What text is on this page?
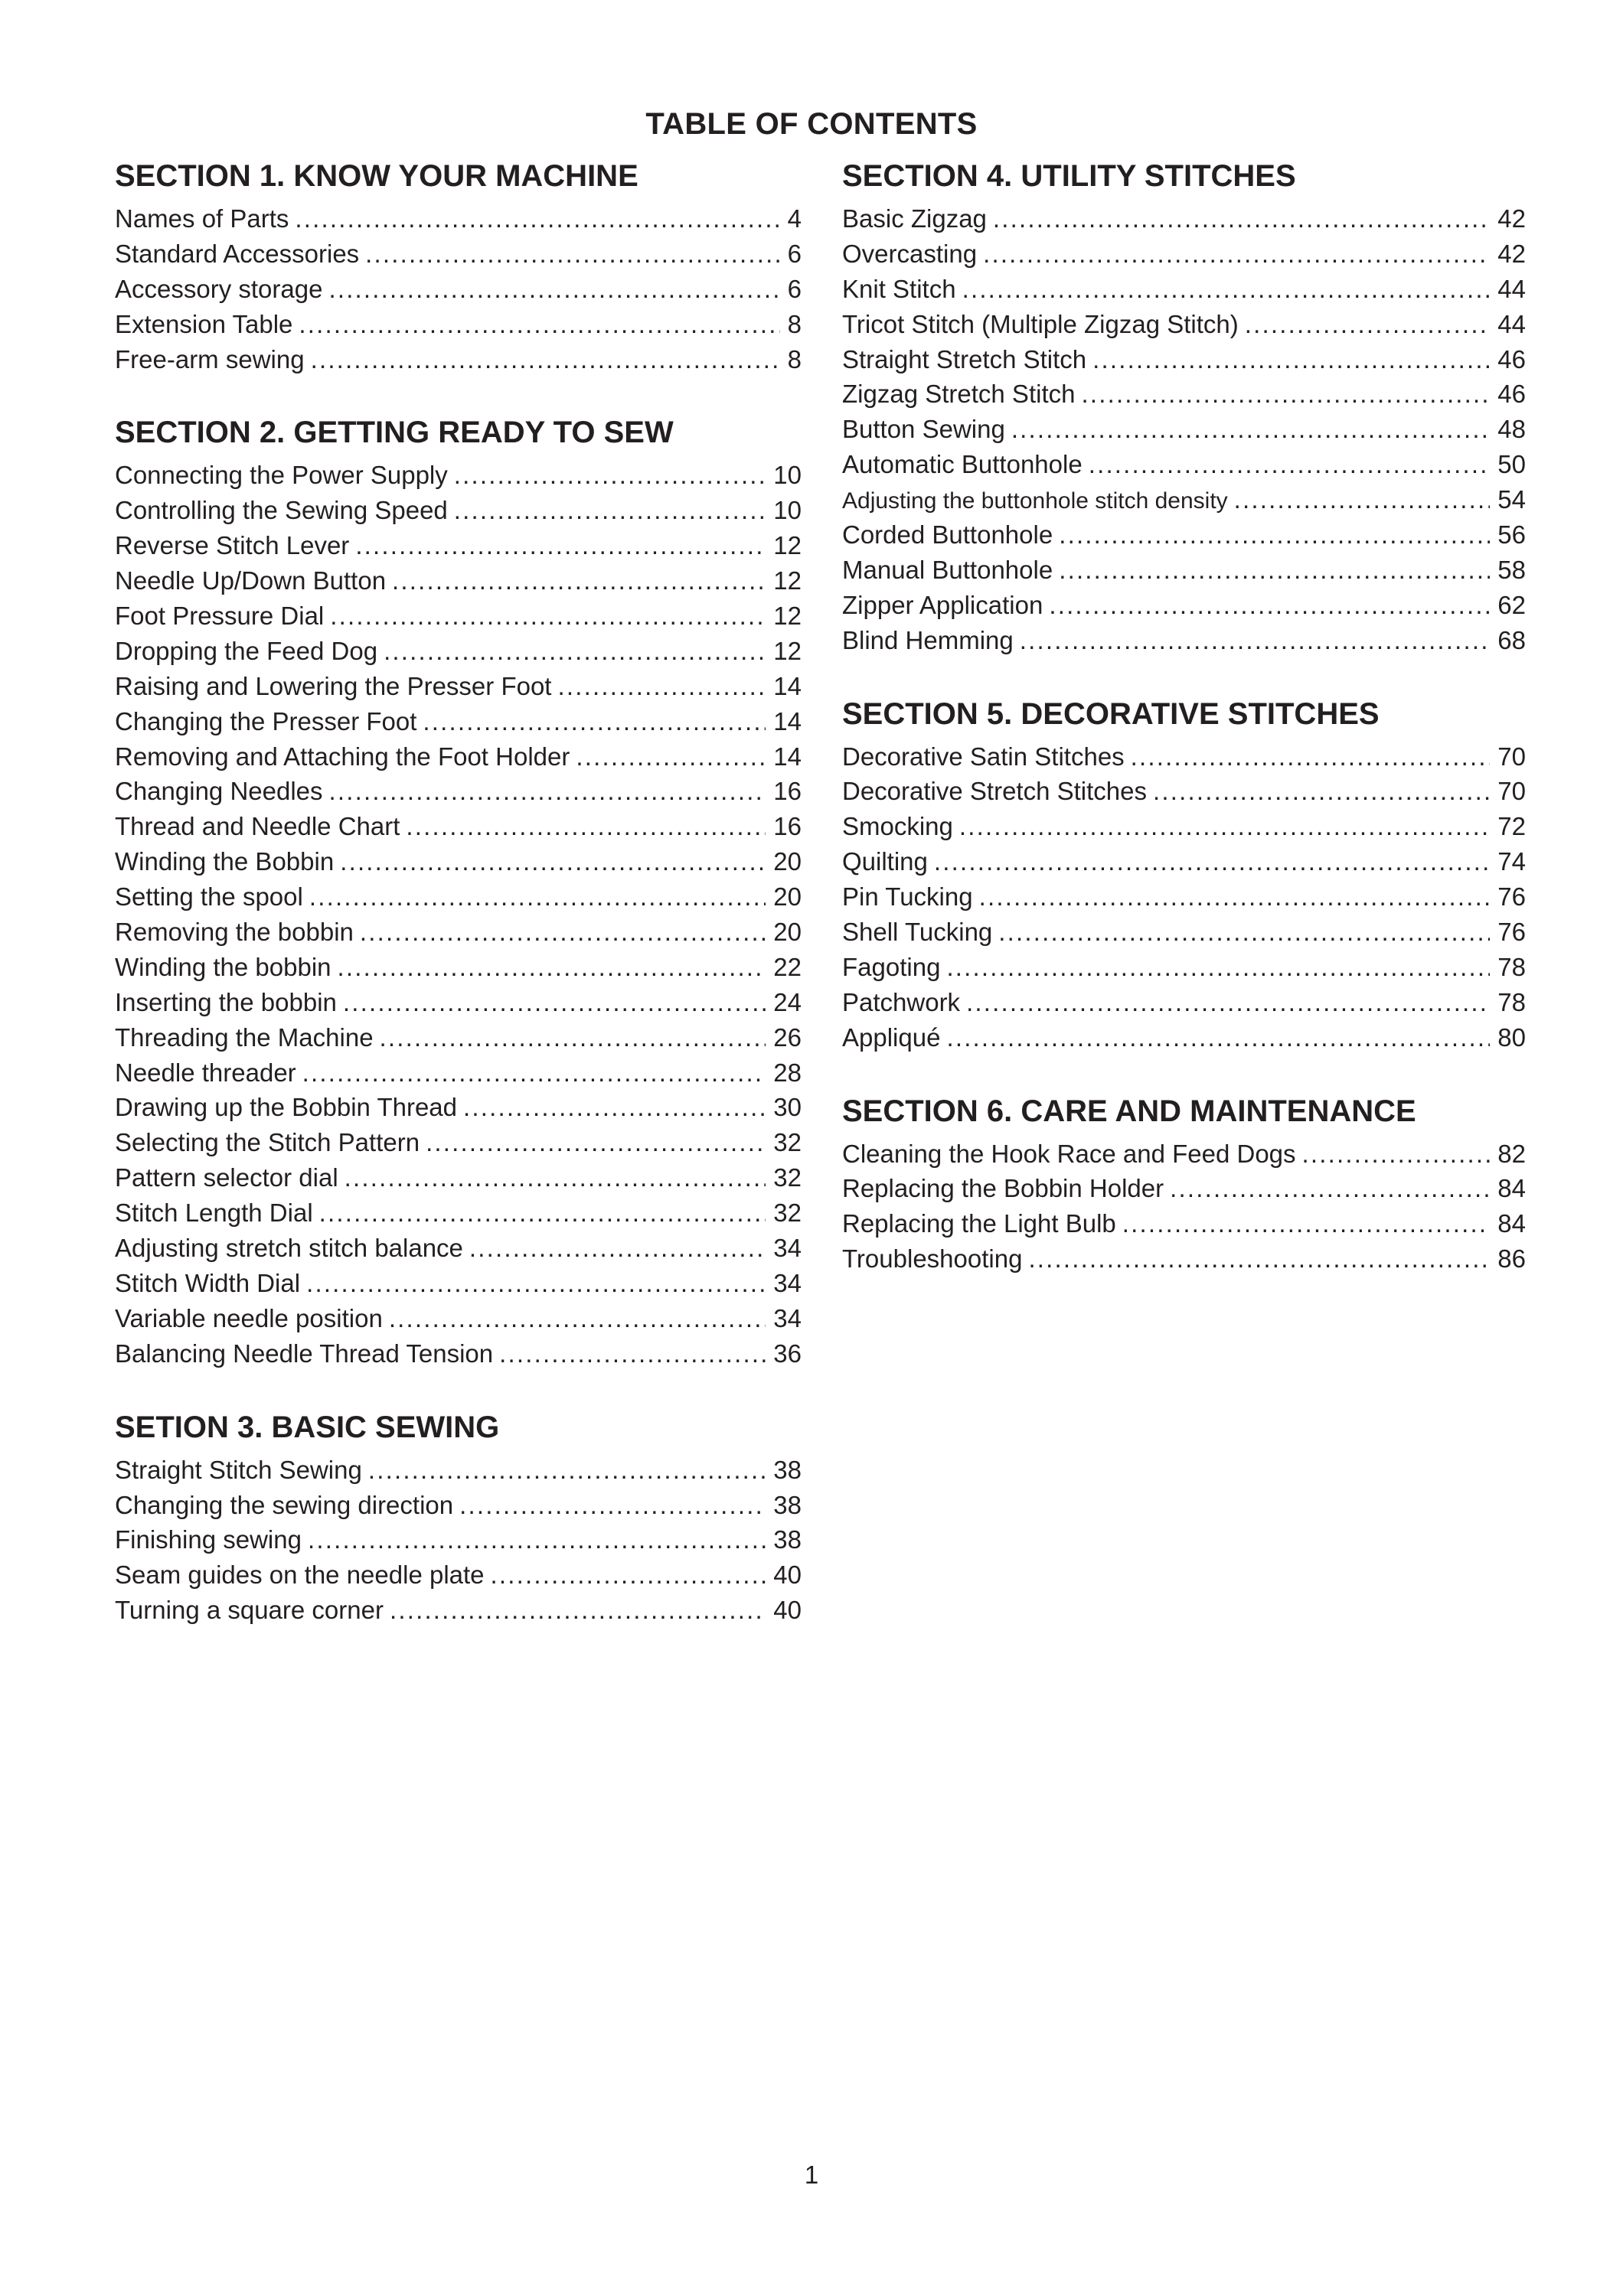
TABLE OF CONTENTS
SECTION 1. KNOW YOUR MACHINE
Names of Parts .....	4
Standard Accessories .....	6
Accessory storage .....	6
Extension Table .....	8
Free-arm sewing .....	8
SECTION 2. GETTING READY TO SEW
Connecting the Power Supply .....	10
Controlling the Sewing Speed .....	10
Reverse Stitch Lever .....	12
Needle Up/Down Button .....	12
Foot Pressure Dial .....	12
Dropping the Feed Dog .....	12
Raising and Lowering the Presser Foot .....	14
Changing the Presser Foot .....	14
Removing and Attaching the Foot Holder .....	14
Changing Needles .....	16
Thread and Needle Chart .....	16
Winding the Bobbin .....	20
Setting the spool .....	20
Removing the bobbin .....	20
Winding the bobbin .....	22
Inserting the bobbin .....	24
Threading the Machine .....	26
Needle threader .....	28
Drawing up the Bobbin Thread .....	30
Selecting the Stitch Pattern .....	32
Pattern selector dial .....	32
Stitch Length Dial .....	32
Adjusting stretch stitch balance .....	34
Stitch Width Dial .....	34
Variable needle position .....	34
Balancing Needle Thread Tension .....	36
SETION 3. BASIC SEWING
Straight Stitch Sewing .....	38
Changing the sewing direction .....	38
Finishing sewing .....	38
Seam guides on the needle plate .....	40
Turning a square corner .....	40
SECTION 4. UTILITY STITCHES
Basic Zigzag .....	42
Overcasting .....	42
Knit Stitch .....	44
Tricot Stitch (Multiple Zigzag Stitch) .....	44
Straight Stretch Stitch .....	46
Zigzag Stretch Stitch .....	46
Button Sewing .....	48
Automatic Buttonhole .....	50
Adjusting the buttonhole stitch density .....	54
Corded Buttonhole .....	56
Manual Buttonhole .....	58
Zipper Application .....	62
Blind Hemming .....	68
SECTION 5. DECORATIVE STITCHES
Decorative Satin Stitches .....	70
Decorative Stretch Stitches .....	70
Smocking .....	72
Quilting .....	74
Pin Tucking .....	76
Shell Tucking .....	76
Fagoting .....	78
Patchwork .....	78
Appliqué .....	80
SECTION 6. CARE AND MAINTENANCE
Cleaning the Hook Race and Feed Dogs .....	82
Replacing the Bobbin Holder .....	84
Replacing the Light Bulb .....	84
Troubleshooting .....	86
1
